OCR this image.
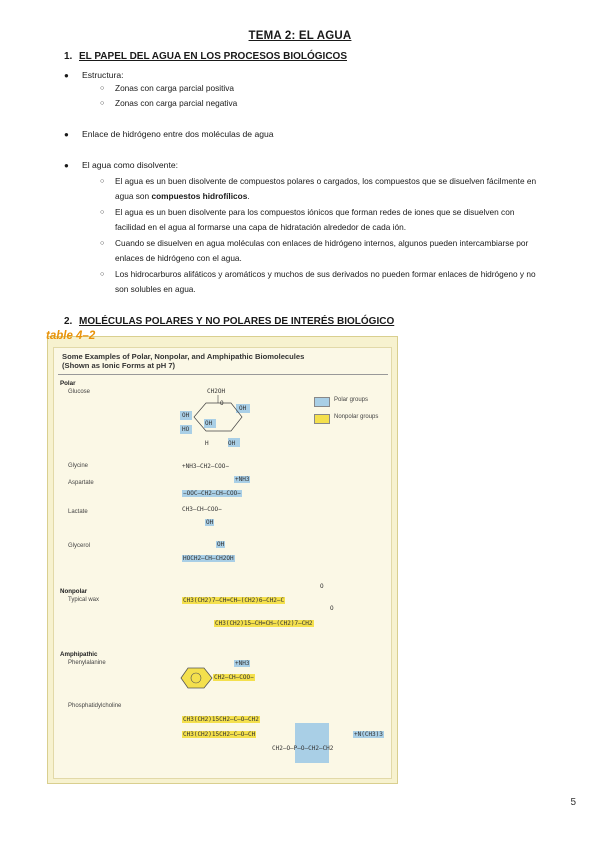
TEMA 2: EL AGUA
1. EL PAPEL DEL AGUA EN LOS PROCESOS BIOLÓGICOS
● Estructura:
○ Zonas con carga parcial positiva
○ Zonas con carga parcial negativa
● Enlace de hidrógeno entre dos moléculas de agua
● El agua como disolvente:
○ El agua es un buen disolvente de compuestos polares o cargados, los compuestos que se disuelven fácilmente en agua son compuestos hidrofílicos.
○ El agua es un buen disolvente para los compuestos iónicos que forman redes de iones que se disuelven con facilidad en el agua al formarse una capa de hidratación alrededor de cada ión.
○ Cuando se disuelven en agua moléculas con enlaces de hidrógeno internos, algunos pueden intercambiarse por enlaces de hidrógeno con el agua.
○ Los hidrocarburos alifáticos y aromáticos y muchos de sus derivados no pueden formar enlaces de hidrógeno y no son solubles en agua.
2. MOLÉCULAS POLARES Y NO POLARES DE INTERÉS BIOLÓGICO
table 4–2
Some Examples of Polar, Nonpolar, and Amphipathic Biomolecules
(Shown as Ionic Forms at pH 7)
Polar
Glucose	CH2OH
O
OH
OH
OH
HO
OH
H
Polar groups
Nonpolar groups
Glycine	+NH3—CH2—COO−
Aspartate	+NH3
−OOC—CH2—CH—COO−
Lactate	CH3—CH—COO−
OH
Glycerol	OH
HOCH2—CH—CH2OH
Nonpolar
Typical wax
O
CH3(CH2)7—CH=CH—(CH2)6—CH2—C
O
CH3(CH2)15—CH=CH—(CH2)7—CH2
Amphipathic
Phenylalanine	+NH3
CH2—CH—COO−
Phosphatidylcholine
CH3(CH2)15CH2—C—O—CH2
CH3(CH2)15CH2—C—O—CH
CH2—O—P—O—CH2—CH2
+N(CH3)3
5
